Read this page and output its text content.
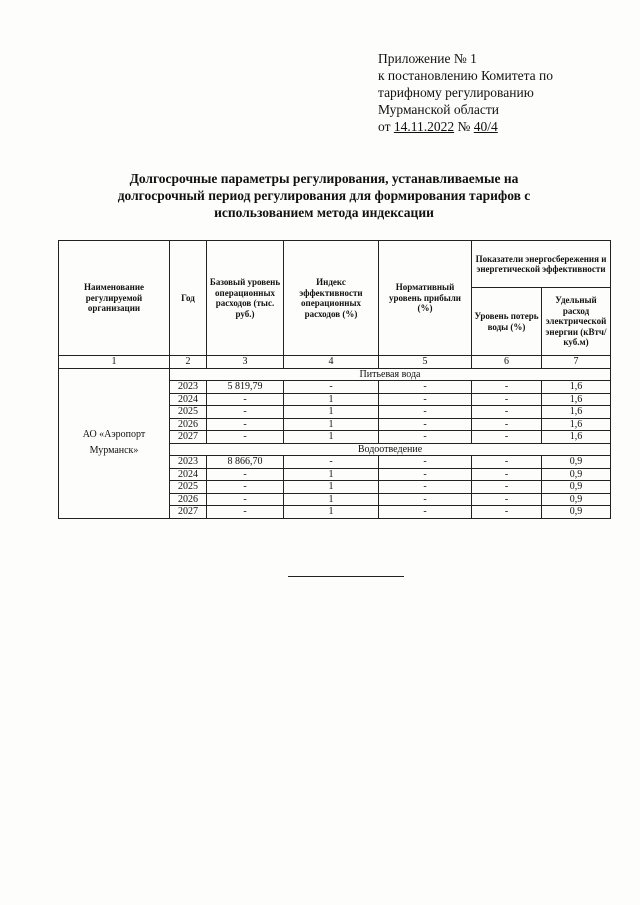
Приложение № 1
к постановлению Комитета по
тарифному регулированию
Мурманской области
от 14.11.2022 № 40/4
Долгосрочные параметры регулирования, устанавливаемые на
долгосрочный период регулирования для формирования тарифов с
использованием метода индексации
Наименование регулируемой организации	Год	Базовый уровень операционных расходов (тыс. руб.)	Индекс эффективности операционных расходов (%)	Нормативный уровень прибыли (%)	Показатели энергосбережения и энергетической эффективности	
					Уровень потерь воды (%)	Удельный расход электрической энергии (кВтч/куб.м)
1	2	3	4	5	6	7
АО «Аэропорт Мурманск»	Питьевая вода					
	2023	5 819,79	-	-	-	1,6
	2024	-	1	-	-	1,6
	2025	-	1	-	-	1,6
	2026	-	1	-	-	1,6
	2027	-	1	-	-	1,6
	Водоотведение					
	2023	8 866,70	-	-	-	0,9
	2024	-	1	-	-	0,9
	2025	-	1	-	-	0,9
	2026	-	1	-	-	0,9
	2027	-	1	-	-	0,9
